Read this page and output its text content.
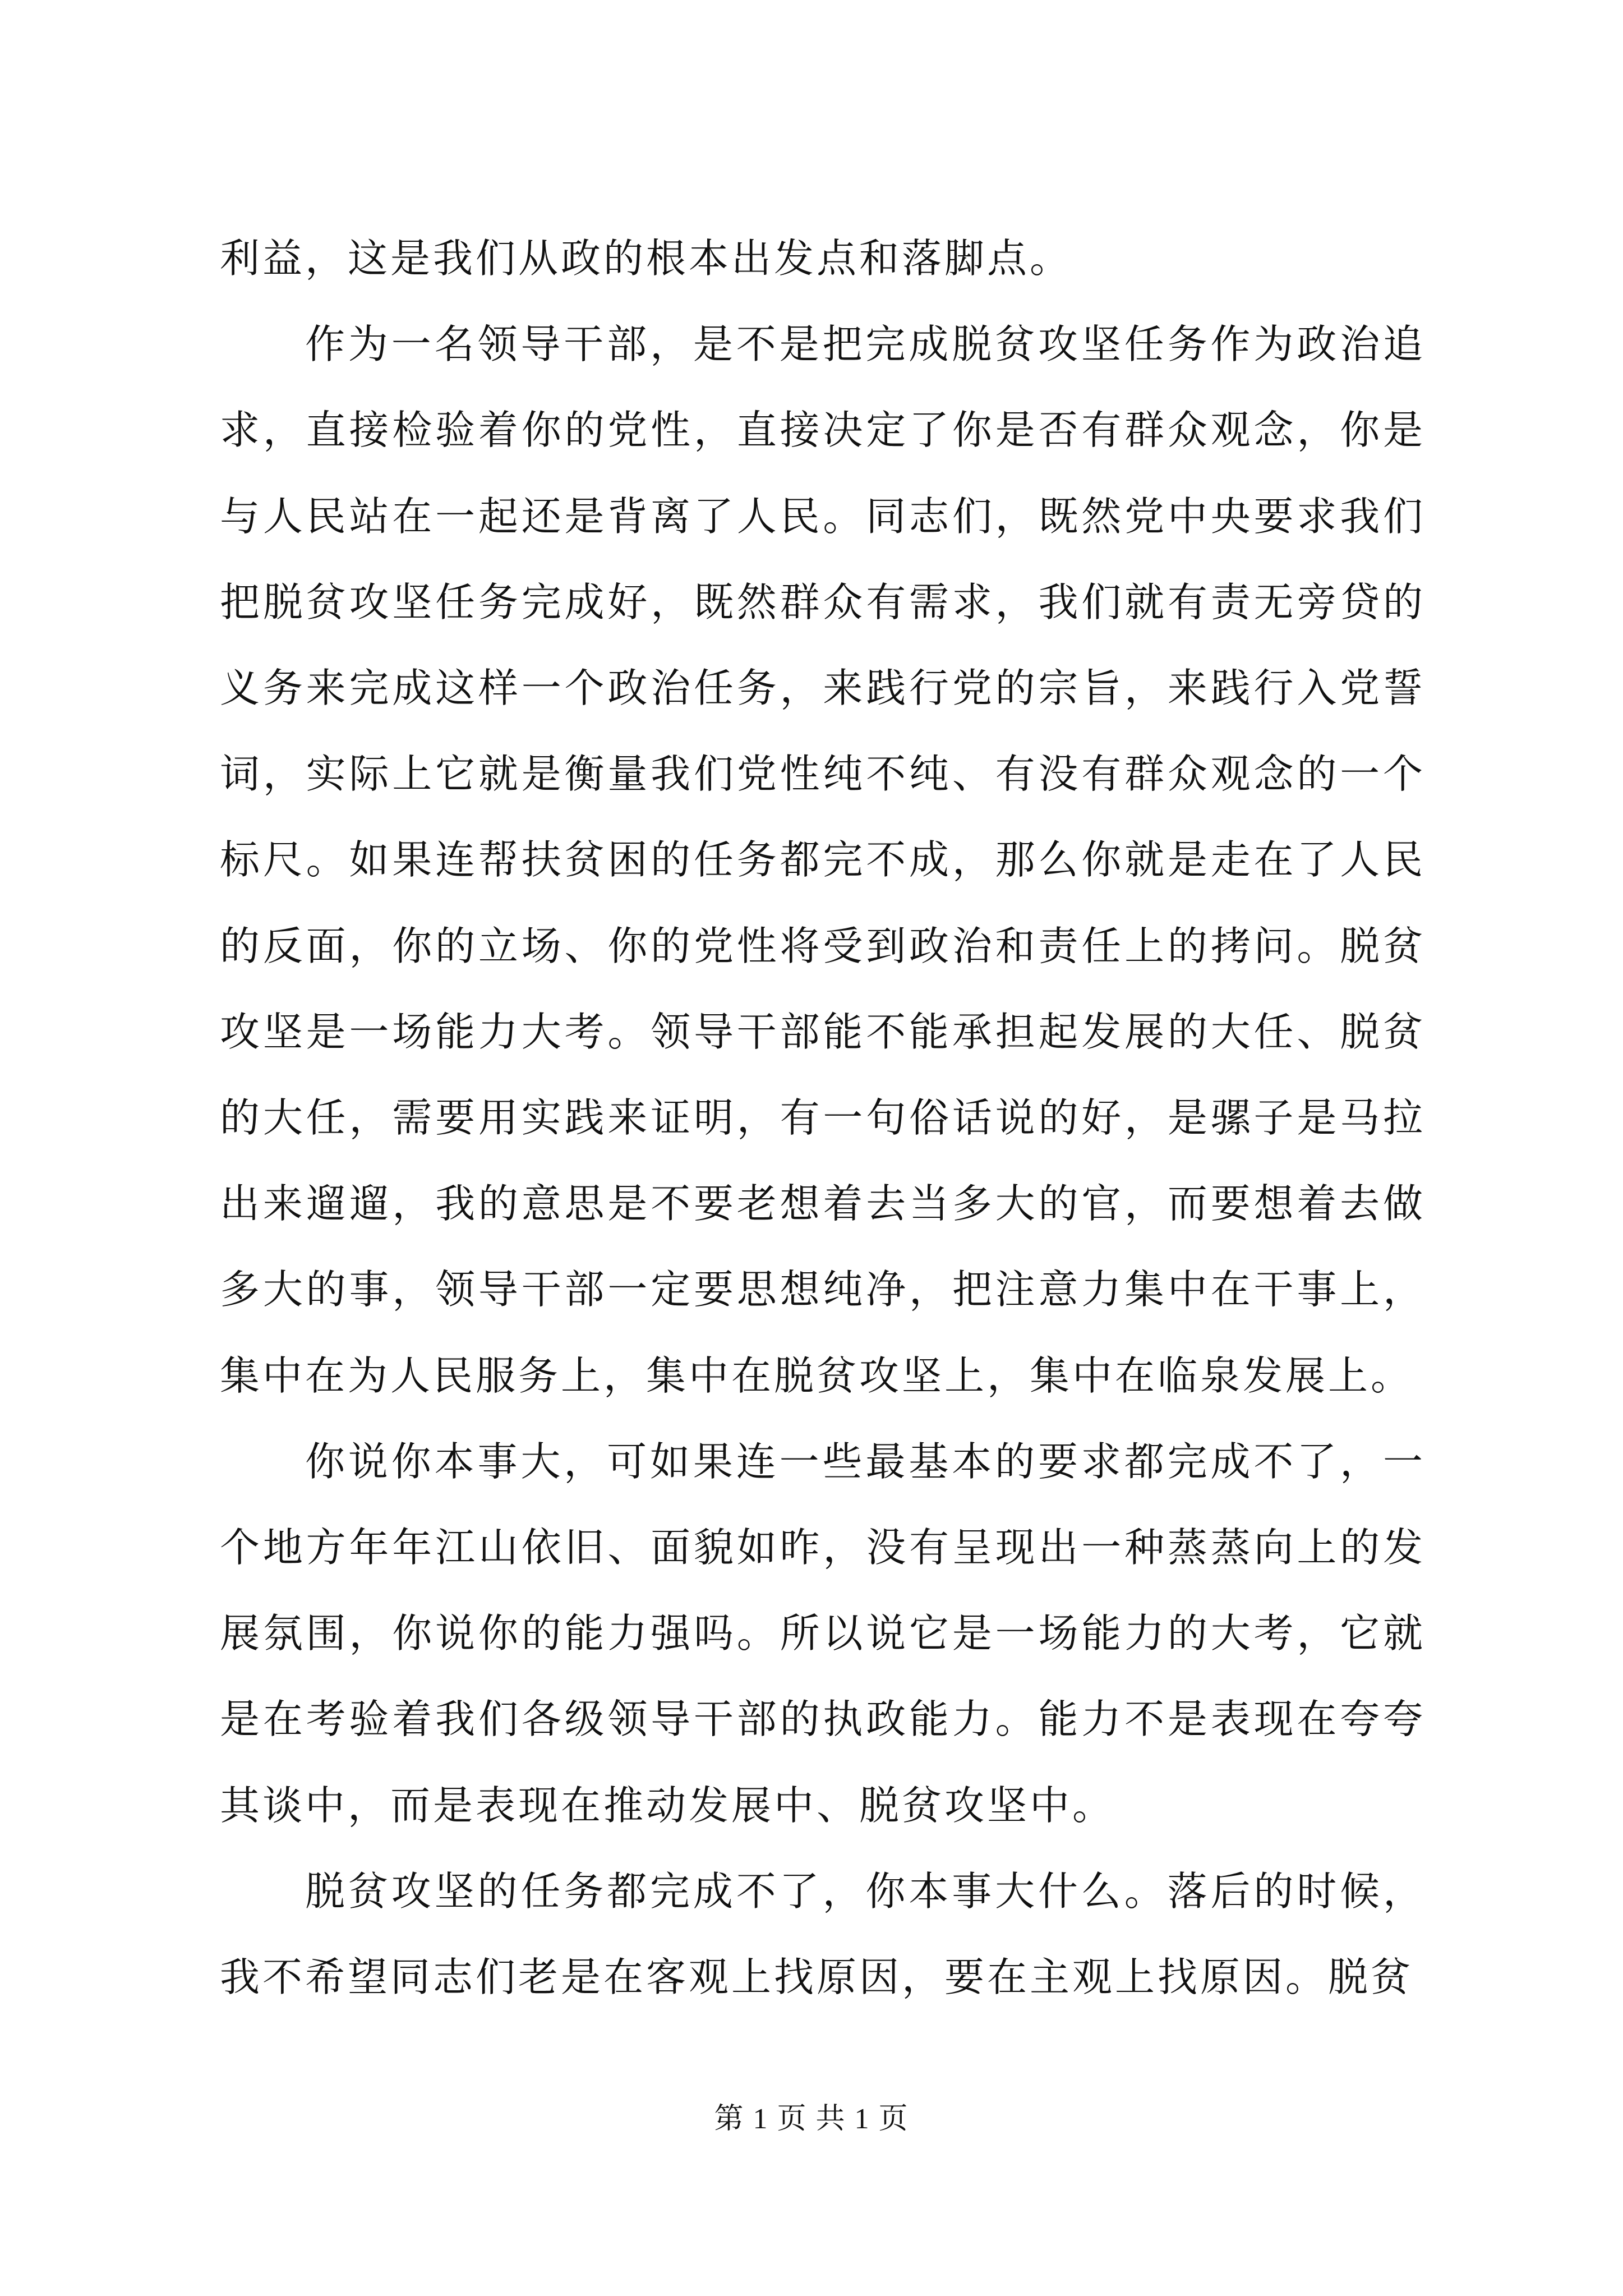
利益，这是我们从政的根本出发点和落脚点。

作为一名领导干部，是不是把完成脱贫攻坚任务作为政治追求，直接检验着你的党性，直接决定了你是否有群众观念，你是与人民站在一起还是背离了人民。同志们，既然党中央要求我们把脱贫攻坚任务完成好，既然群众有需求，我们就有责无旁贷的义务来完成这样一个政治任务，来践行党的宗旨，来践行入党誓词，实际上它就是衡量我们党性纯不纯、有没有群众观念的一个标尺。如果连帮扶贫困的任务都完不成，那么你就是走在了人民的反面，你的立场、你的党性将受到政治和责任上的拷问。脱贫攻坚是一场能力大考。领导干部能不能承担起发展的大任、脱贫的大任，需要用实践来证明，有一句俗话说的好，是骡子是马拉出来遛遛，我的意思是不要老想着去当多大的官，而要想着去做多大的事，领导干部一定要思想纯净，把注意力集中在干事上，集中在为人民服务上，集中在脱贫攻坚上，集中在临泉发展上。

你说你本事大，可如果连一些最基本的要求都完成不了，一个地方年年江山依旧、面貌如昨，没有呈现出一种蒸蒸向上的发展氛围，你说你的能力强吗。所以说它是一场能力的大考，它就是在考验着我们各级领导干部的执政能力。能力不是表现在夸夸其谈中，而是表现在推动发展中、脱贫攻坚中。

脱贫攻坚的任务都完成不了，你本事大什么。落后的时候，我不希望同志们老是在客观上找原因，要在主观上找原因。脱贫

第 1 页 共 1 页
